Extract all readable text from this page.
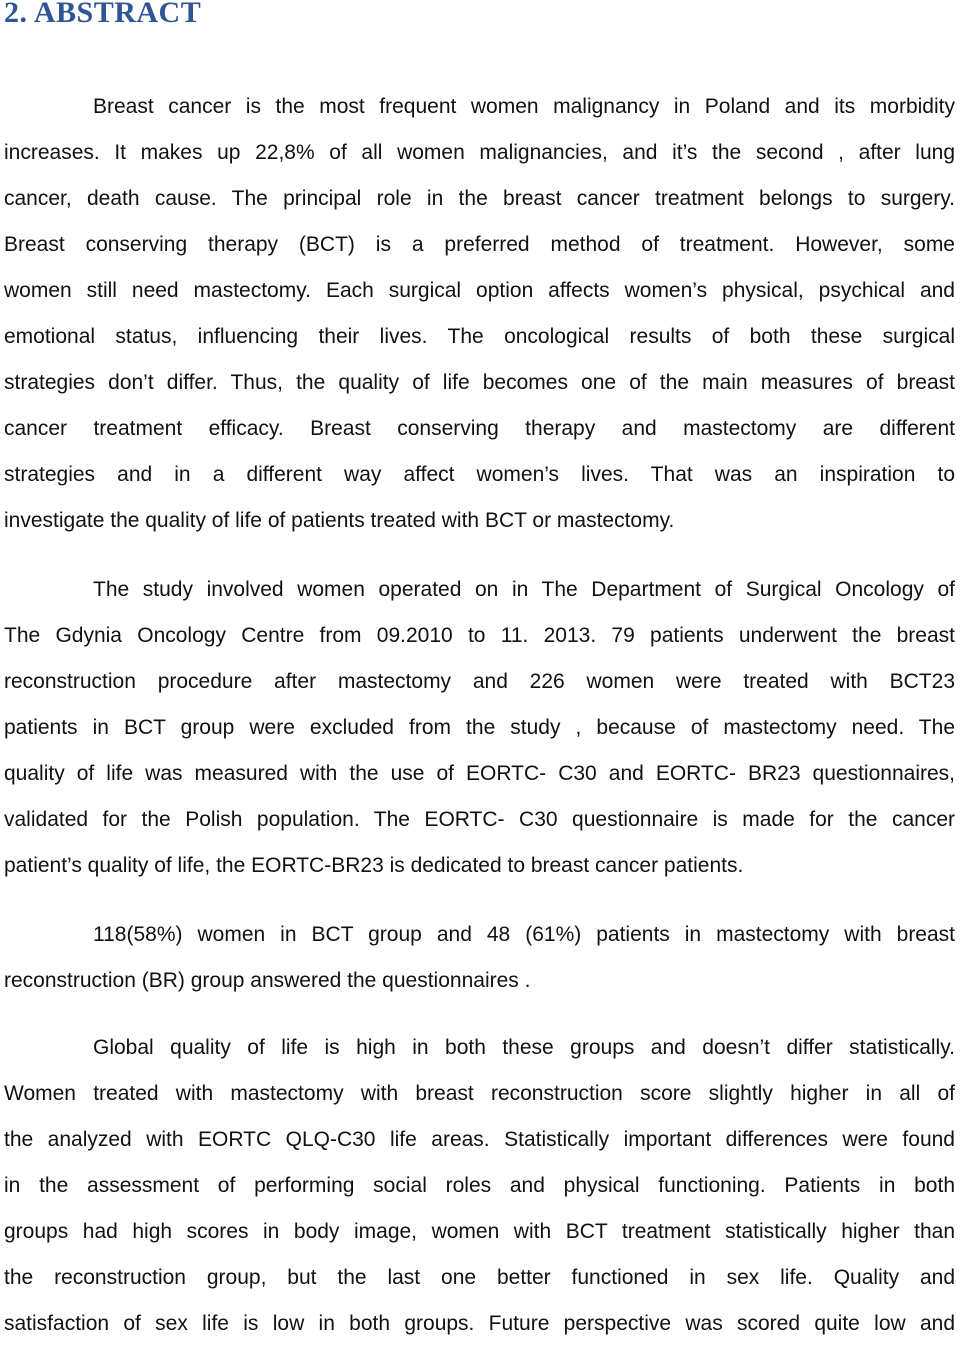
2. ABSTRACT
Breast cancer is the most frequent women malignancy in Poland and its morbidity
increases. It makes up 22,8% of all women malignancies, and it’s the second , after lung
cancer, death cause. The principal role in the breast cancer treatment belongs to surgery.
Breast conserving therapy (BCT) is a preferred method of treatment. However, some
women still need mastectomy. Each surgical option affects women’s physical, psychical and
emotional status, influencing their lives. The oncological results of both these surgical
strategies don’t differ. Thus, the quality of life becomes one of the main measures of breast
cancer treatment efficacy. Breast conserving therapy and mastectomy are different
strategies and in a different way affect women’s lives. That was an inspiration to
investigate the quality of life of patients treated with BCT or mastectomy.
The study involved women operated on in The Department of Surgical Oncology of
The Gdynia Oncology Centre from 09.2010 to 11. 2013. 79 patients underwent the breast
reconstruction procedure after mastectomy and 226 women were treated with BCT23
patients in BCT group were excluded from the study , because of mastectomy need. The
quality of life was measured with the use of EORTC- C30 and EORTC- BR23 questionnaires,
validated for the Polish population. The EORTC- C30 questionnaire is made for the cancer
patient’s quality of life, the EORTC-BR23 is dedicated to breast cancer patients.
118(58%) women in BCT group and 48 (61%) patients in mastectomy with breast
reconstruction (BR) group answered the questionnaires .
Global quality of life is high in both these groups and doesn’t differ statistically.
Women treated with mastectomy with breast reconstruction score slightly higher in all of
the analyzed with EORTC QLQ-C30 life areas. Statistically important differences were found
in the assessment of performing social roles and physical functioning. Patients in both
groups had high scores in body image, women with BCT treatment statistically higher than
the reconstruction group, but the last one better functioned in sex life. Quality and
satisfaction of sex life is low in both groups. Future perspective was scored quite low and
